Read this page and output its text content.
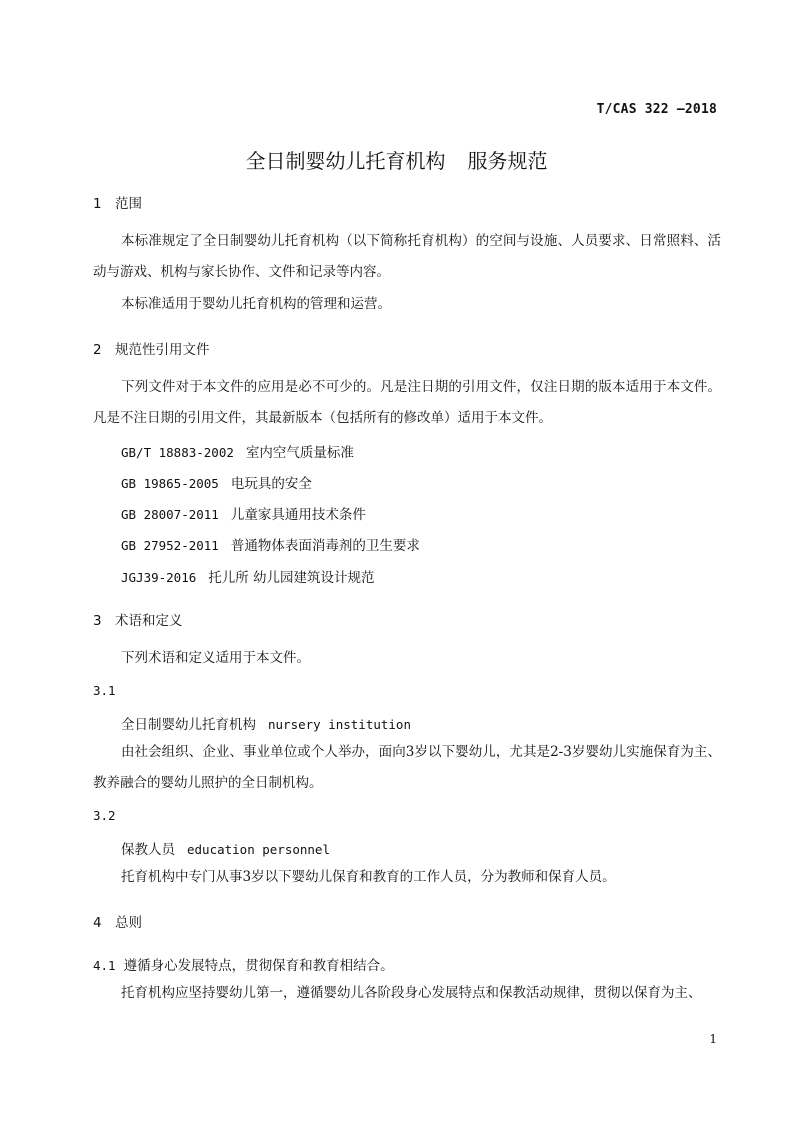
T/CAS 322 —2018
全日制婴幼儿托育机构 服务规范
1 范围

本标准规定了全日制婴幼儿托育机构（以下简称托育机构）的空间与设施、人员要求、日常照料、活动与游戏、机构与家长协作、文件和记录等内容。

本标准适用于婴幼儿托育机构的管理和运营。

2 规范性引用文件

下列文件对于本文件的应用是必不可少的。凡是注日期的引用文件，仅注日期的版本适用于本文件。凡是不注日期的引用文件，其最新版本（包括所有的修改单）适用于本文件。

GB/T 18883-2002 室内空气质量标准
GB 19865-2005 电玩具的安全
GB 28007-2011 儿童家具通用技术条件
GB 27952-2011 普通物体表面消毒剂的卫生要求
JGJ39-2016 托儿所 幼儿园建筑设计规范
3 术语和定义

下列术语和定义适用于本文件。

3.1
全日制婴幼儿托育机构 nursery institution

由社会组织、企业、事业单位或个人举办，面向3岁以下婴幼儿，尤其是2-3岁婴幼儿实施保育为主、教养融合的婴幼儿照护的全日制机构。

3.2
保教人员 education personnel

托育机构中专门从事3岁以下婴幼儿保育和教育的工作人员，分为教师和保育人员。

4 总则
4.1 遵循身心发展特点，贯彻保育和教育相结合。

托育机构应坚持婴幼儿第一，遵循婴幼儿各阶段身心发展特点和保教活动规律，贯彻以保育为主、

1
